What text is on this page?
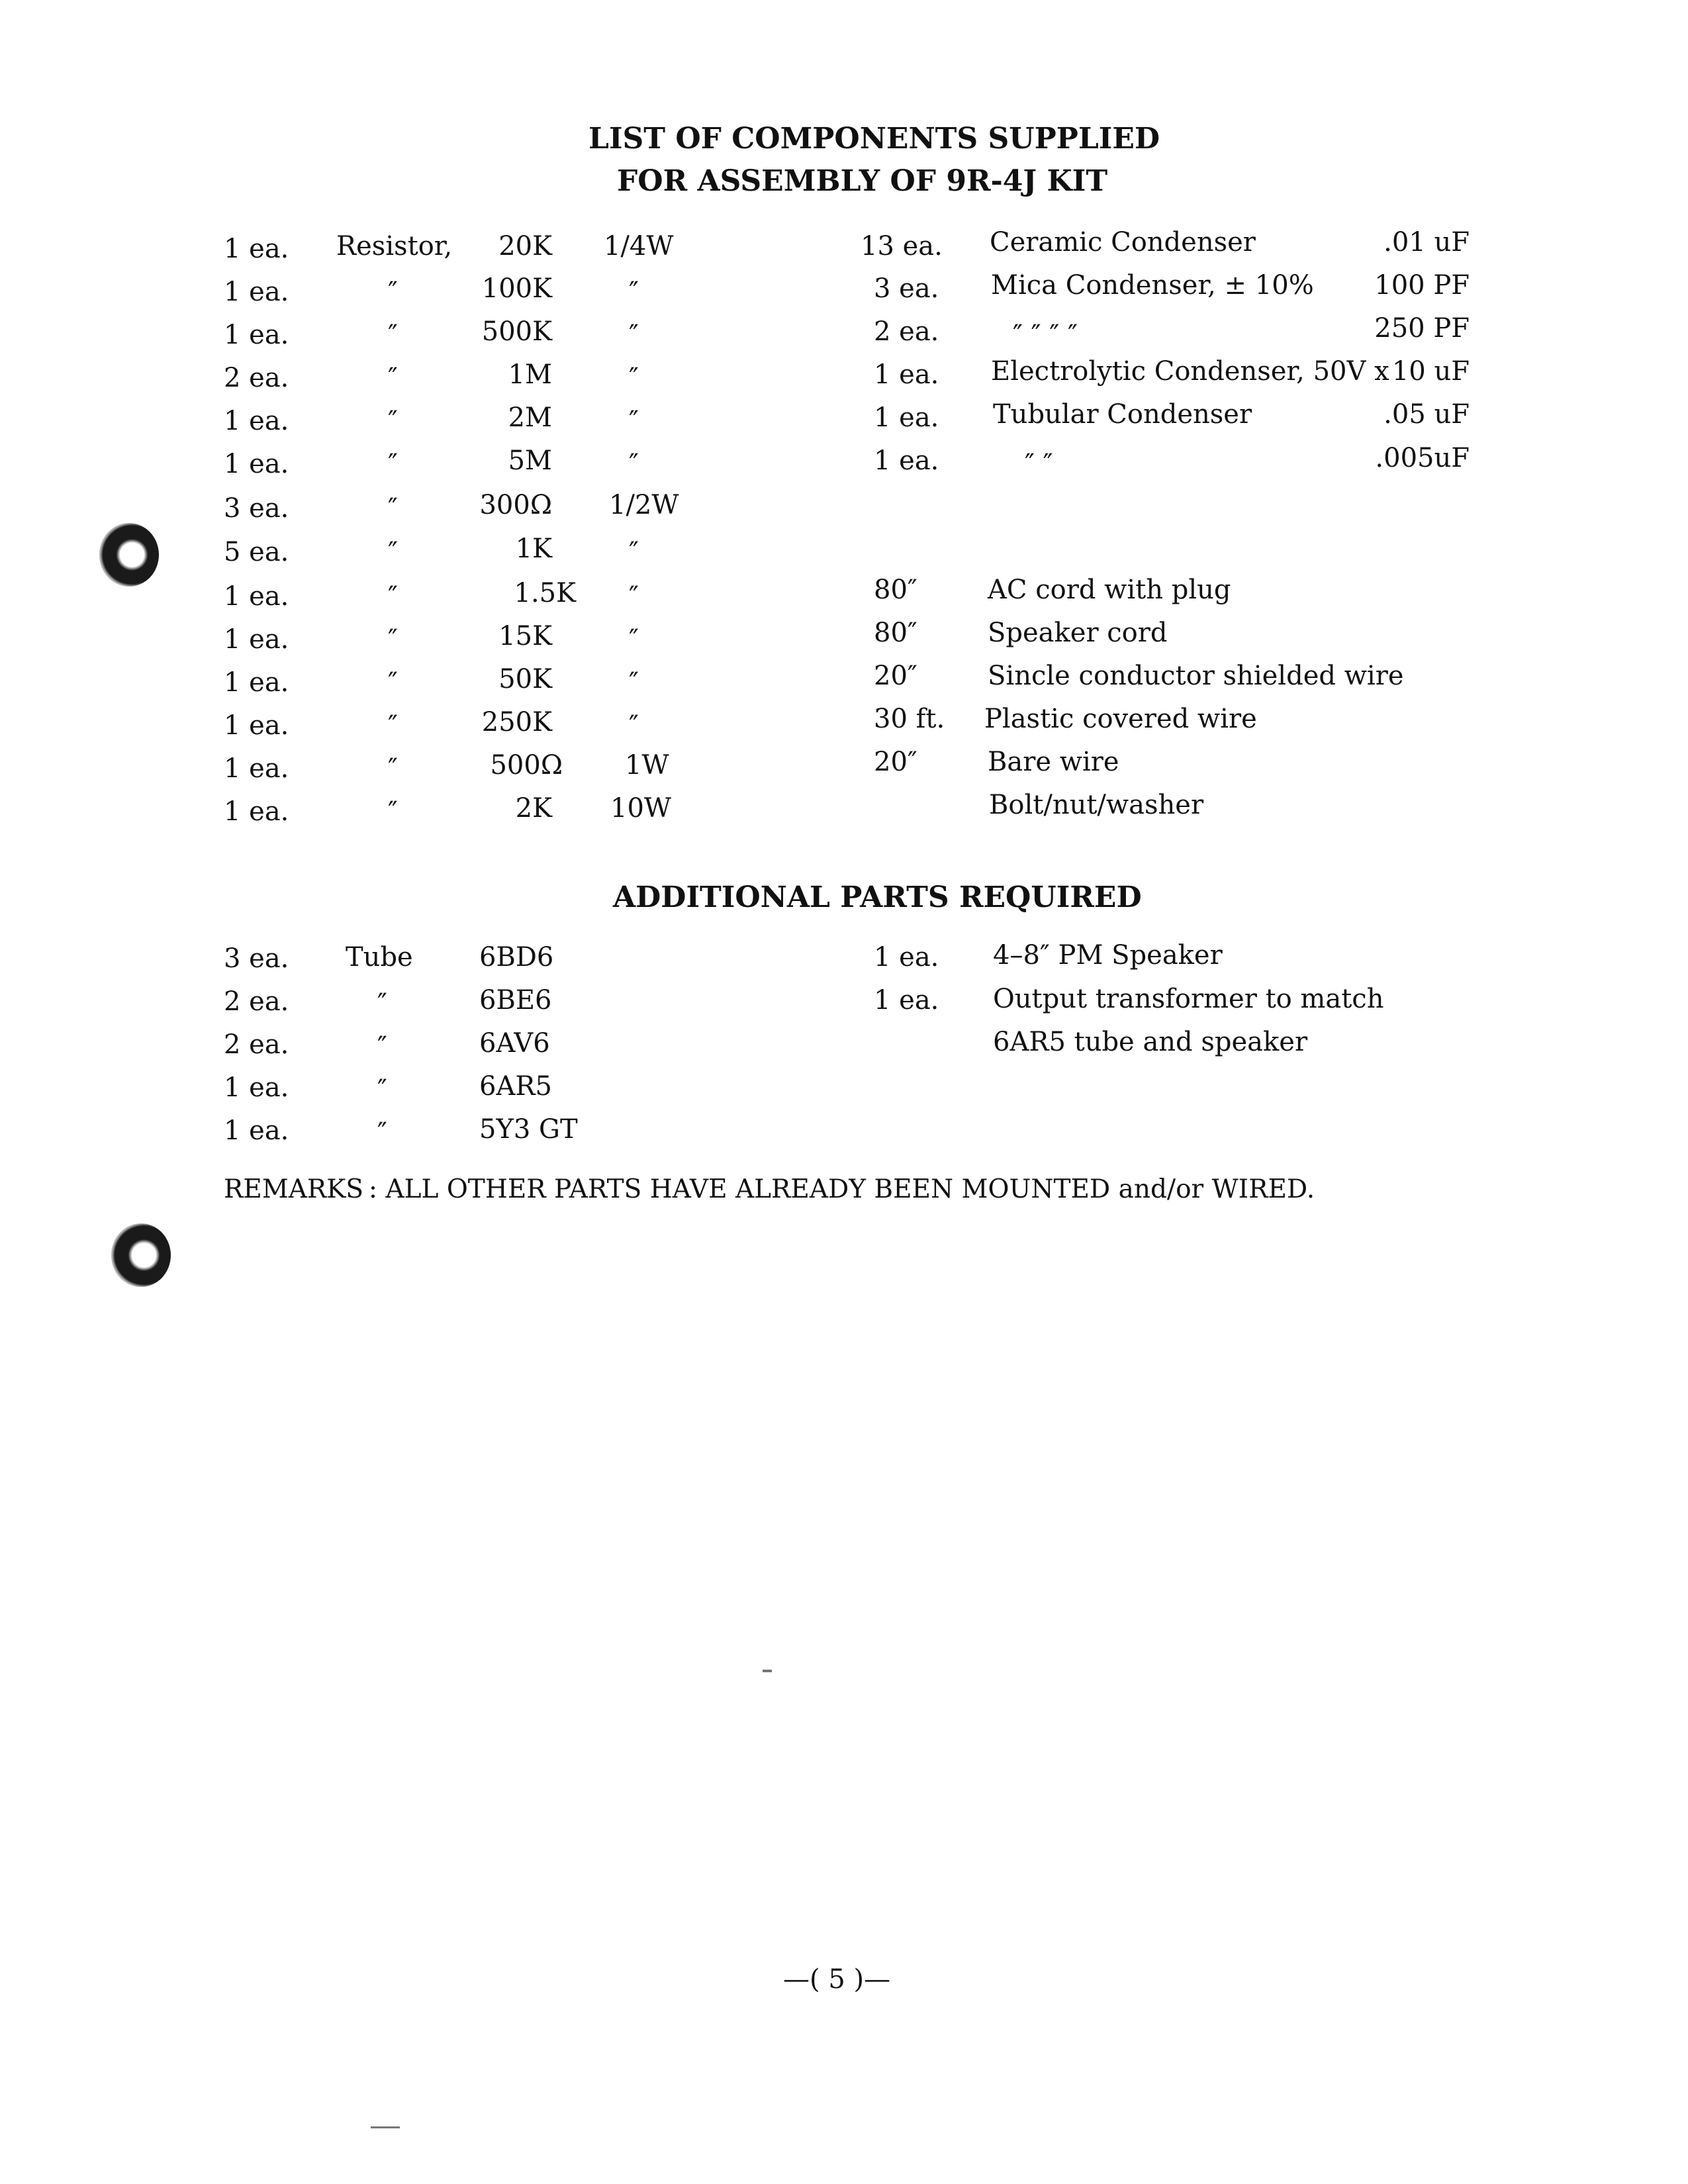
LIST OF COMPONENTS SUPPLIED
FOR ASSEMBLY OF 9R-4J KIT
1 ea. Resistor, 20K 1/4W
1 ea.	″	100K	″
1 ea.	″	500K	″
2 ea.	″	1M	″
1 ea.	″	2M	″
1 ea.	″	5M	″
3 ea.	″	300Ω 1/2W
5 ea.	″	1K	″
1 ea.	″	1.5K ″
1 ea.	″	15K	″
1 ea.	″	50K	″
1 ea.	″	250K	″
1 ea.	″	500Ω 1W
1 ea.	″	2K 10W
13 ea. Ceramic Condenser	.01 uF
3 ea. Mica Condenser, ± 10% 100 PF
2 ea.	″ ″ ″ ″	250 PF
1 ea. Electrolytic Condenser, 50V x 10 uF
1 ea. Tubular Condenser	.05 uF
1 ea.	″ ″	.005uF
80″	AC cord with plug
80″	Speaker cord
20″	Sincle conductor shielded wire
30 ft. Plastic covered wire
20″	Bare wire
Bolt/nut/washer
ADDITIONAL PARTS REQUIRED
3 ea. Tube	6BD6
2 ea.	″	6BE6
2 ea.	″	6AV6
1 ea.	″	6AR5
1 ea.	″	5Y3 GT
1 ea. 4–8″ PM Speaker
1 ea. Output transformer to match
6AR5 tube and speaker
REMARKS : ALL OTHER PARTS HAVE ALREADY BEEN MOUNTED and/or WIRED.
—( 5 )—
